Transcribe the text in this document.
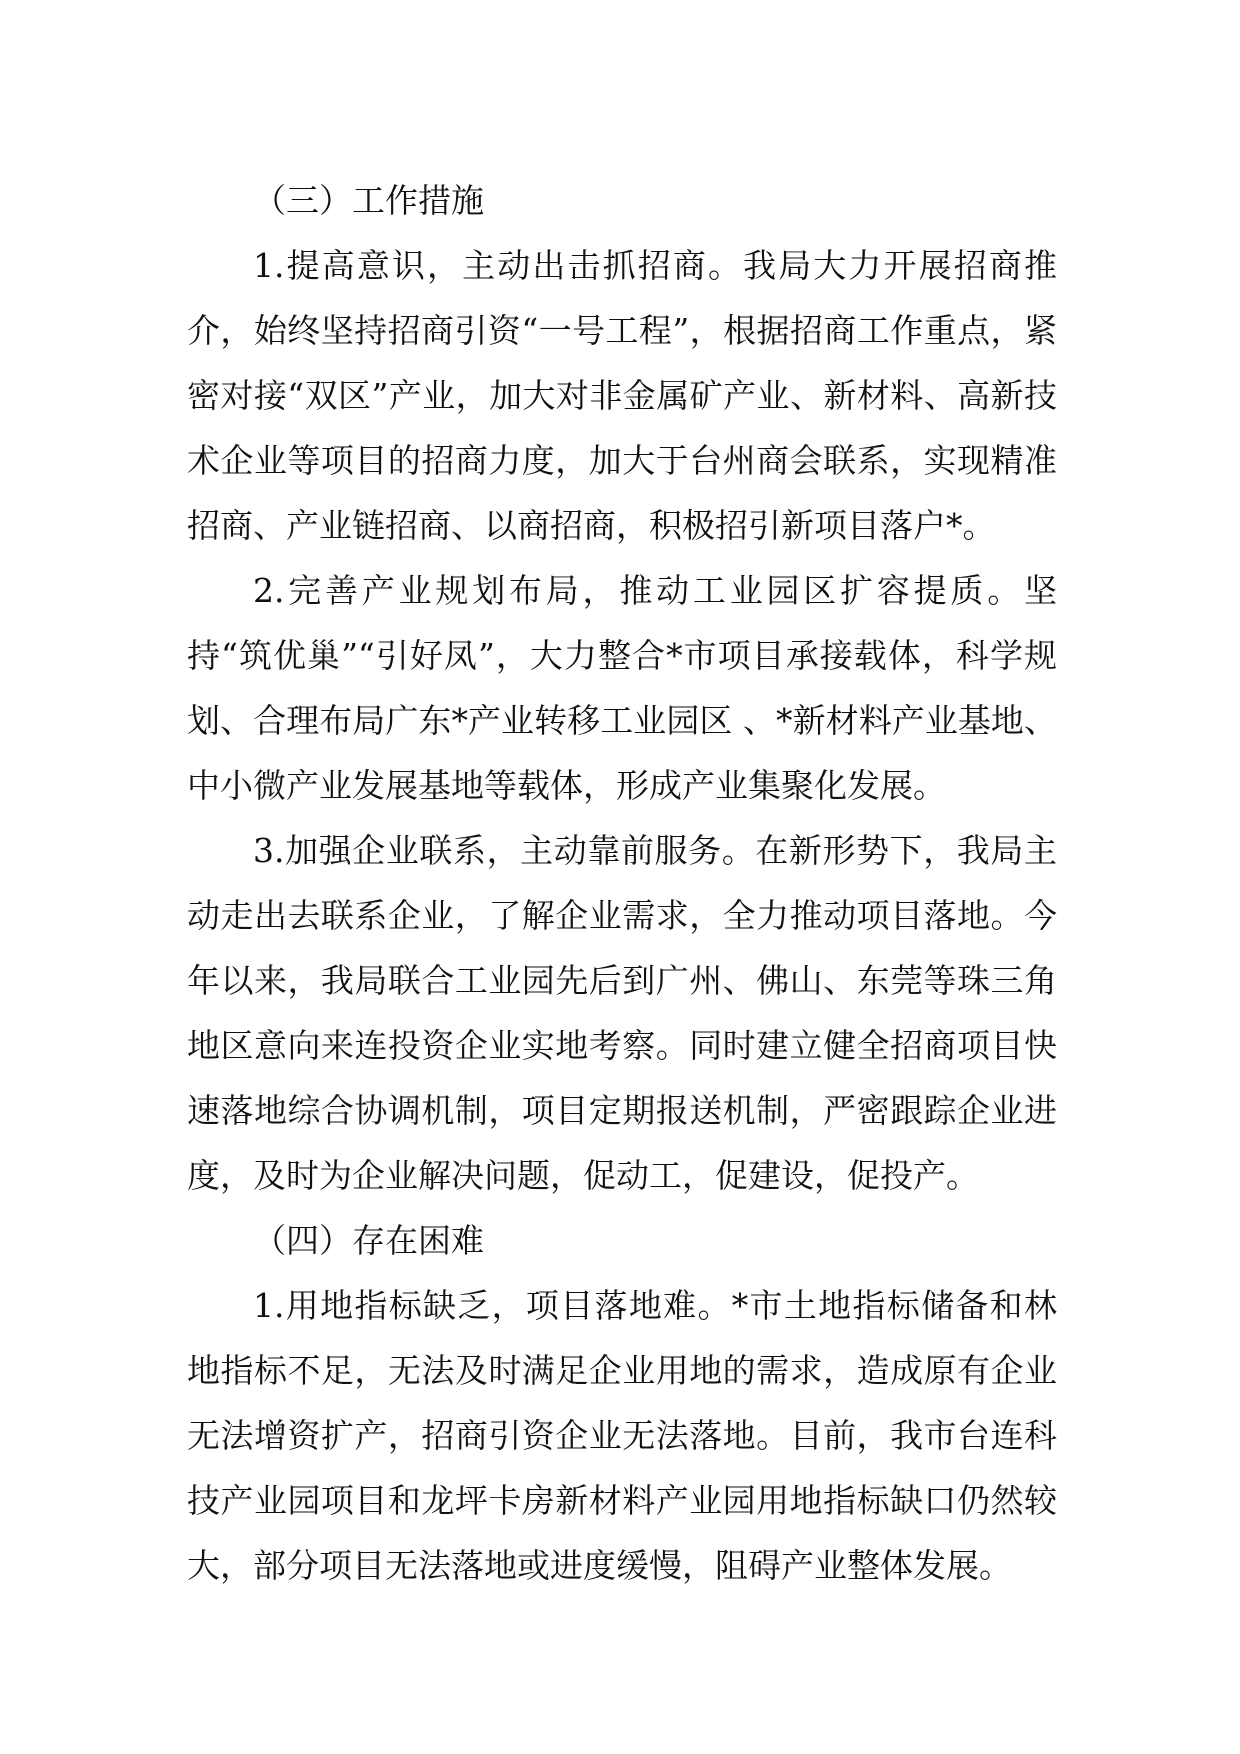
（三）工作措施

1.提高意识，主动出击抓招商。我局大力开展招商推介，始终坚持招商引资“一号工程”，根据招商工作重点，紧密对接“双区”产业，加大对非金属矿产业、新材料、高新技术企业等项目的招商力度，加大于台州商会联系，实现精准招商、产业链招商、以商招商，积极招引新项目落户*。

2.完善产业规划布局，推动工业园区扩容提质。坚持“筑优巢”“引好凤”，大力整合*市项目承接载体，科学规划、合理布局广东*产业转移工业园区 、*新材料产业基地、中小微产业发展基地等载体，形成产业集聚化发展。

3.加强企业联系，主动靠前服务。在新形势下，我局主动走出去联系企业，了解企业需求，全力推动项目落地。今年以来，我局联合工业园先后到广州、佛山、东莞等珠三角地区意向来连投资企业实地考察。同时建立健全招商项目快速落地综合协调机制，项目定期报送机制，严密跟踪企业进度，及时为企业解决问题，促动工，促建设，促投产。

（四）存在困难

1.用地指标缺乏，项目落地难。*市土地指标储备和林地指标不足，无法及时满足企业用地的需求，造成原有企业无法增资扩产，招商引资企业无法落地。目前，我市台连科技产业园项目和龙坪卡房新材料产业园用地指标缺口仍然较大，部分项目无法落地或进度缓慢，阻碍产业整体发展。
